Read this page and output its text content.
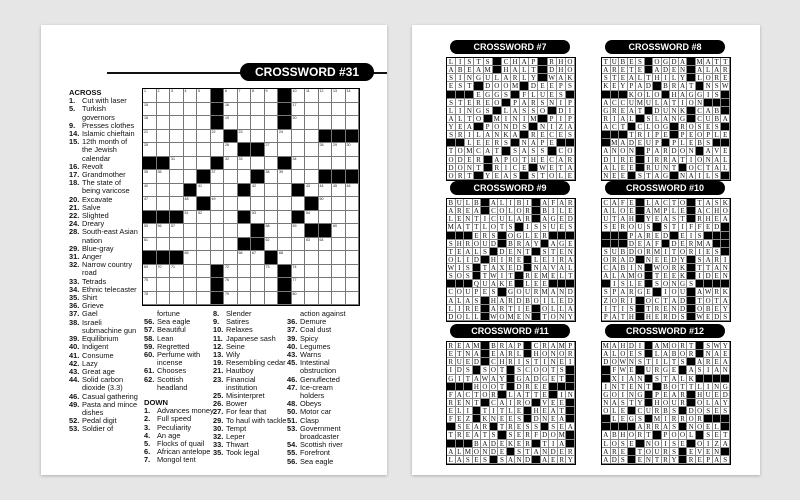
CROSSWORD #31
1	2	3	4	5	6	7	8	9	10	11	12	13	14
15	16	17
18	19	20
21	22	23	24
25	26	27	28	29	30
31	32	33	34
35	36	37	38	39
40	41	42	43	44	45	46
47	48	49	50
51	52	53	54
55	56	57	58	59	60
61	62	63	64
65	66	67	68
69	70	71	72	73	74
75	76	77
78	79	80
ACROSS
1. Cut with laser
5. Turkish governors
9. Presses clothes
14. Islamic chieftain
15. 12th month of the Jewish calendar
16. Revolt
17. Grandmother
18. The state of being varicose
20. Excavate
21. Salve
22. Slighted
24. Dreary
28. South-east Asian nation
29. Blue-gray
31. Anger
32. Narrow country road
33. Tetrads
34. Ethnic telecaster
35. Shirt
36. Grieve
37. Gael
38. Israeli submachine gun
39. Equilibrium
40. Indigent
41. Consume
42. Lazy
43. Great age
44. Solid carbon dioxide (3.3)
46. Casual gathering
49. Pasta and mince dishes
52. Pedal digit
53. Soldier of
fortune
56. Sea eagle
57. Beautiful
58. Lean
59. Regretted
60. Perfume with incense
61. Chooses
62. Scottish headland
DOWN
1. Advances money
2. Full speed
3. Peculiarity
4. An age
5. Flocks of quail
6. African antelope
7. Mongol tent
8. Slender
9. Satires
10. Relaxes
11. Japanese sash
12. Seine
13. Wily
19. Resembling cedar
21. Hautboy
23. Financial institution
25. Misinterpret
26. Bower
27. For fear that
29. To haul with tackle
30. Tempt
32. Leper
33. Thwart
35. Took legal
action against
36. Demure
37. Coal dust
39. Spicy
40. Legumes
43. Warns
45. Intestinal obstruction
46. Genuflected
47. Ice-cream holders
48. Obeys
50. Motor car
51. Clasp
53. Government broadcaster
54. Scottish river
55. Forefront
56. Sea eagle
CROSSWORD #7
L I S T S	C H A P	R H O
A B E A M H A L T	D H O
S I N G U L A R L Y	W A K
E S T	D O O M D E E P S
E G G S	F L U E S
S T E R E O	P A R S N I P
L I N G S	L A S S O	D I
A L T O	M I N I M	P I P
Y E A	P O N D S	N I Z A
S R I L A N K A	R E C E S
L E E R S	N A P E
T O M C A T	S A S S	C O
O D E R	A P O T H E C A R
D O N T	R I C E	W E T A
O R T	Y E A S	S T O L E
CROSSWORD #8
T U B E S	O G D A	M A T T
A R E T E	A D E N	A L A R
S T E A L T H I L Y	L O R E
K E Y P A D	B R A T	N S W
K O L O	H A G G I S
A C C U M U L A T I O N
G R E A T	D U N K	C A B
R I A L	S L A N G	C U B A
A C T	C L O G	R O S E S
T R I P E	P E O P L E
M A D E U P	P L E B S
A N O N	P A R D O N	A V E
D I R E	I R R A T I O N A L
A L E E	R U N T	O C T A L
N E E	S T A G	N A I L S
CROSSWORD #9
B U L B	A L I B I	A F A R
A R E A	C O L O R	B I L E
L E N T I C U L A R	A G E D
M A T T L O T S	I S S U E S
E R S	O G L E R
S H R O U D	B R A Y	A G E
T E A L S	D E N T	S T E N
O L I D	H I R E	L E I R A
W I S	T A X E D	N A V A L
S O S	T W I T	R E M E L T
Q U A K E	L E E
C O U P E S	G O U R M A N D
A L A S	H A R D B O I L E D
L I R E	A R T I E	O L L A
D O L L	W O M E N	T O N Y
CROSSWORD #10
C A F E	L A C T O	T A S K
A L O E	A M P L E	A C H O
U T A H	Y E A S T	R H E A
S E R O U S	S T I F F E D
P A R E D	E I S
D E A F	D E R M A
S U B D O R M I T O R I E S
O R A D	N E E D Y	S A R I
C A B I N	W O R K	T T A N
A L A M O	T E E K	I D E N
I S L E	S O N G S
S P A R G E	I O U	A W R K
Z O R I	O C T A D	T O T A
I T I S	T R E N D	O B E Y
P A T H	H E R D S	W E D S
CROSSWORD #11
R E A M B R A P	C R A M P
E T N A	E A R L	H O N O R
R U E D	C H R I S T I N E I
I D S	S O T	S C O O T S
G I T A W A Y	G A D G E T
H O O T	D R E E
F A C T O R	L A T T E	I N
R E N T	C A I R O	V E E
E L I	T I T L E	H E A T
F E Z	K N E E S	D N E A
S E A R	T R E S S	S E A
T R E A T S	S E R F D O M
B A D E K E R	T I A
A L M O N D E	S T A N D E R
L A S E S	S A N D	A E R Y
CROSSWORD #12
M A H D I	A M O R T	S W Y
A L O E S	L A B O R	N A E
D O W N S T I L T S	A R E A
F W E	U R G E	A S I A N
X I A N	S T A L K
I N T E N T	B O T T L I N G
G O I N G	P E A R	H U E D
N A S T Y	H O U R	O L A Y
O L E	C U R B S	D O S E S
L E G S	M I R R O R
A R R A S	N O E L
A B H O R T	P O O L	S E T
L O S E	N O I S E	O I Z A
A R E	T O U R S	E V E N
A D S	E N T R Y	R E P A S
